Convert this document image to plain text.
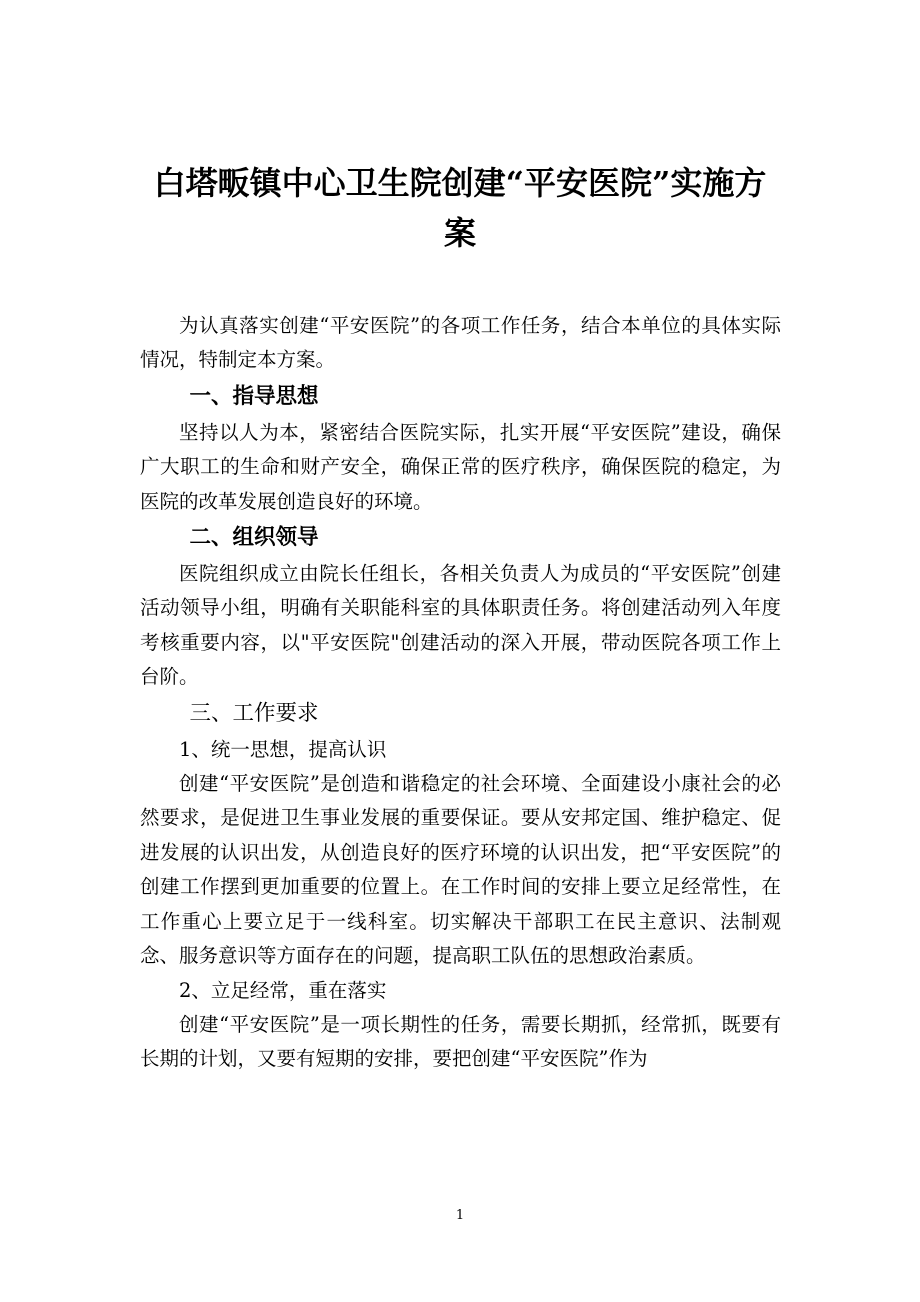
白塔畈镇中心卫生院创建“平安医院”实施方案

为认真落实创建“平安医院”的各项工作任务，结合本单位的具体实际情况，特制定本方案。

一、指导思想

坚持以人为本，紧密结合医院实际，扎实开展“平安医院”建设，确保广大职工的生命和财产安全，确保正常的医疗秩序，确保医院的稳定，为医院的改革发展创造良好的环境。

二、组织领导

医院组织成立由院长任组长，各相关负责人为成员的“平安医院”创建活动领导小组，明确有关职能科室的具体职责任务。将创建活动列入年度考核重要内容，以"平安医院"创建活动的深入开展，带动医院各项工作上台阶。

三、工作要求

1、统一思想，提高认识

创建“平安医院”是创造和谐稳定的社会环境、全面建设小康社会的必然要求，是促进卫生事业发展的重要保证。要从安邦定国、维护稳定、促进发展的认识出发，从创造良好的医疗环境的认识出发，把“平安医院”的创建工作摆到更加重要的位置上。在工作时间的安排上要立足经常性，在工作重心上要立足于一线科室。切实解决干部职工在民主意识、法制观念、服务意识等方面存在的问题，提高职工队伍的思想政治素质。

2、立足经常，重在落实

创建“平安医院”是一项长期性的任务，需要长期抓，经常抓，既要有长期的计划，又要有短期的安排，要把创建“平安医院”作为

1
